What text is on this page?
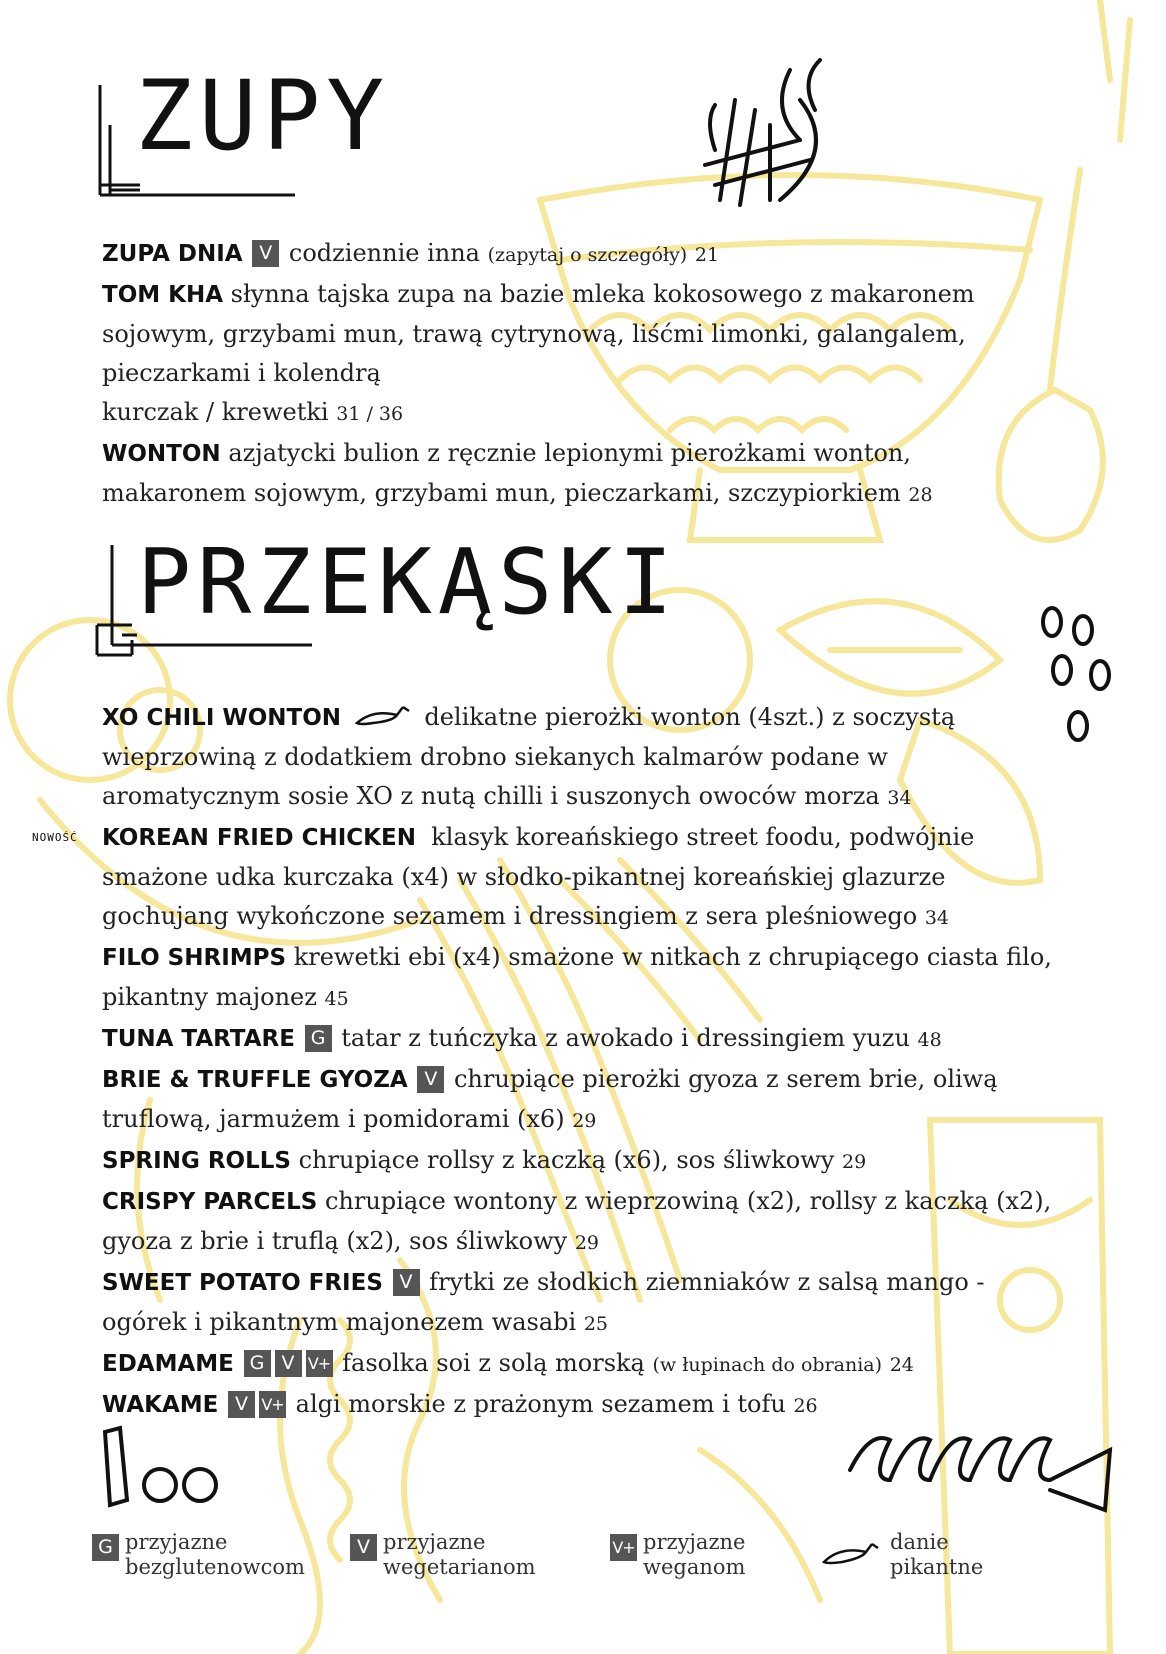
ZUPY

ZUPA DNIA V codziennie inna (zapytaj o szczegóły) 21

TOM KHA słynna tajska zupa na bazie mleka kokosowego z makaronem sojowym, grzybami mun, trawą cytrynową, liśćmi limonki, galangalem, pieczarkami i kolendrą
kurczak / krewetki 31 / 36

WONTON azjatycki bulion z ręcznie lepionymi pierożkami wonton, makaronem sojowym, grzybami mun, pieczarkami, szczypiorkiem 28

PRZEKĄSKI

XO CHILI WONTON	delikatne pierożki wonton (4szt.) z soczystą wieprzowiną z dodatkiem drobno siekanych kalmarów podane w aromatycznym sosie XO z nutą chilli i suszonych owoców morza 34

NOWOŚĆ	KOREAN FRIED CHICKEN klasyk koreańskiego street foodu, podwójnie smażone udka kurczaka (x4) w słodko-pikantnej koreańskiej glazurze gochujang wykończone sezamem i dressingiem z sera pleśniowego 34

FILO SHRIMPS krewetki ebi (x4) smażone w nitkach z chrupiącego ciasta filo, pikantny majonez 45

TUNA TARTARE G tatar z tuńczyka z awokado i dressingiem yuzu 48

BRIE & TRUFFLE GYOZA V chrupiące pierożki gyoza z serem brie, oliwą truflową, jarmużem i pomidorami (x6) 29

SPRING ROLLS chrupiące rollsy z kaczką (x6), sos śliwkowy 29

CRISPY PARCELS chrupiące wontony z wieprzowiną (x2), rollsy z kaczką (x2), gyoza z brie i truflą (x2), sos śliwkowy 29

SWEET POTATO FRIES V frytki ze słodkich ziemniaków z salsą mango - ogórek i pikantnym majonezem wasabi 25

EDAMAME G V V+ fasolka soi z solą morską (w łupinach do obrania) 24

WAKAME V V+ algi morskie z prażonym sezamem i tofu 26

G przyjazne bezglutenowcom
V przyjazne wegetarianom
V+ przyjazne weganom
danie pikantne
